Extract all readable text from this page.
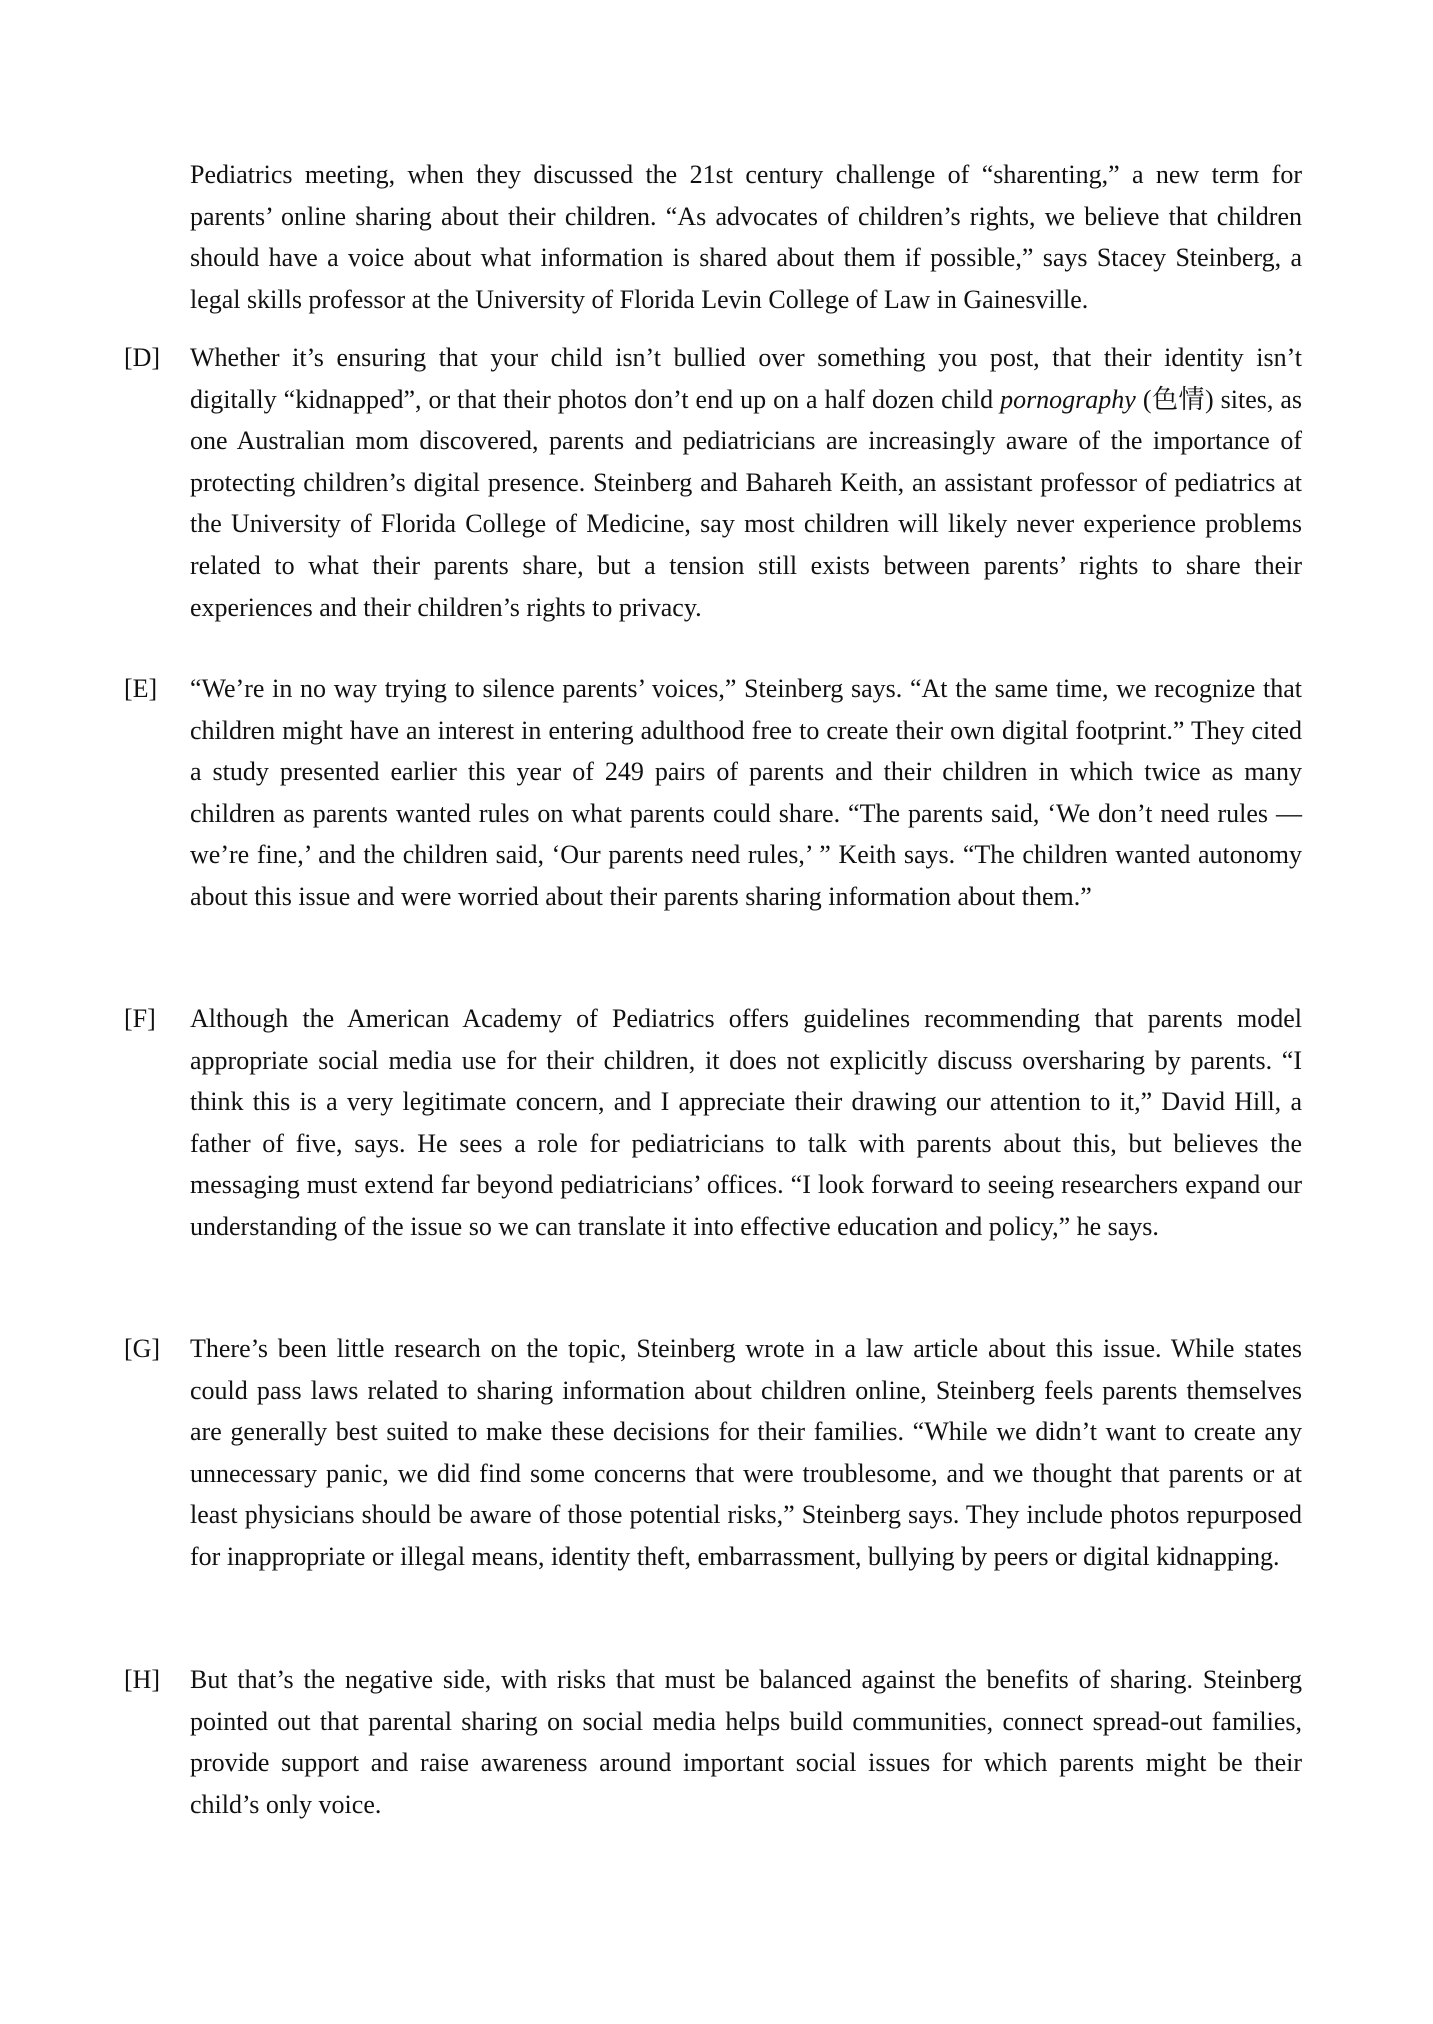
Pediatrics meeting, when they discussed the 21st century challenge of “sharenting,” a new term for parents’ online sharing about their children. “As advocates of children’s rights, we believe that children should have a voice about what information is shared about them if possible,” says Stacey Steinberg, a legal skills professor at the University of Florida Levin College of Law in Gainesville.

[D]	Whether it’s ensuring that your child isn’t bullied over something you post, that their identity isn’t digitally “kidnapped”, or that their photos don’t end up on a half dozen child pornography (色情) sites, as one Australian mom discovered, parents and pediatricians are increasingly aware of the importance of protecting children’s digital presence. Steinberg and Bahareh Keith, an assistant professor of pediatrics at the University of Florida College of Medicine, say most children will likely never experience problems related to what their parents share, but a tension still exists between parents’ rights to share their experiences and their children’s rights to privacy.
[E]	“We’re in no way trying to silence parents’ voices,” Steinberg says. “At the same time, we recognize that children might have an interest in entering adulthood free to create their own digital footprint.” They cited a study presented earlier this year of 249 pairs of parents and their children in which twice as many children as parents wanted rules on what parents could share. “The parents said, ‘We don’t need rules — we’re fine,’ and the children said, ‘Our parents need rules,’ ” Keith says. “The children wanted autonomy about this issue and were worried about their parents sharing information about them.”
[F]	Although the American Academy of Pediatrics offers guidelines recommending that parents model appropriate social media use for their children, it does not explicitly discuss oversharing by parents. “I think this is a very legitimate concern, and I appreciate their drawing our attention to it,” David Hill, a father of five, says. He sees a role for pediatricians to talk with parents about this, but believes the messaging must extend far beyond pediatricians’ offices. “I look forward to seeing researchers expand our understanding of the issue so we can translate it into effective education and policy,” he says.
[G]	There’s been little research on the topic, Steinberg wrote in a law article about this issue. While states could pass laws related to sharing information about children online, Steinberg feels parents themselves are generally best suited to make these decisions for their families. “While we didn’t want to create any unnecessary panic, we did find some concerns that were troublesome, and we thought that parents or at least physicians should be aware of those potential risks,” Steinberg says. They include photos repurposed for inappropriate or illegal means, identity theft, embarrassment, bullying by peers or digital kidnapping.
[H]	But that’s the negative side, with risks that must be balanced against the benefits of sharing. Steinberg pointed out that parental sharing on social media helps build communities, connect spread-out families, provide support and raise awareness around important social issues for which parents might be their child’s only voice.
